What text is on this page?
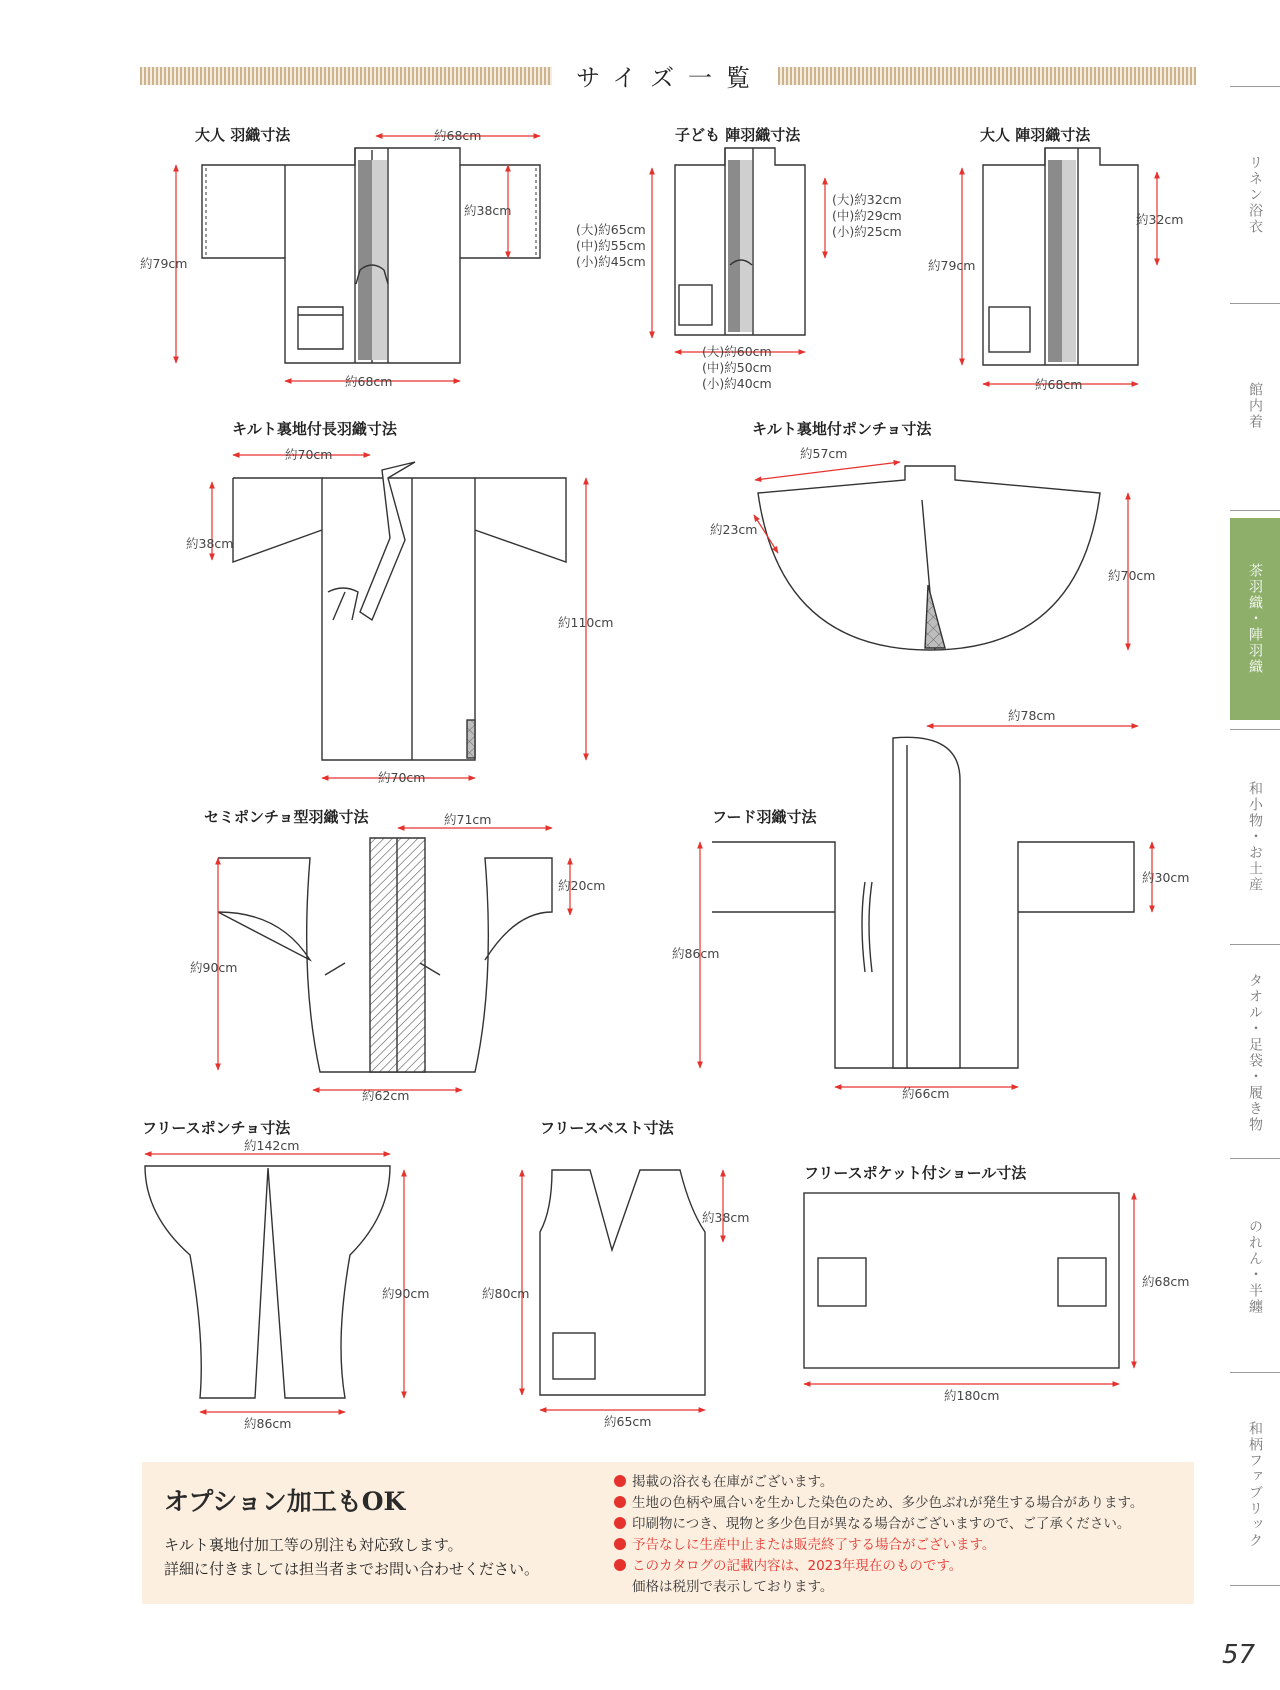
サイズ一覧
大人 羽織寸法	子ども 陣羽織寸法	大人 陣羽織寸法
キルト裏地付長羽織寸法	キルト裏地付ポンチョ寸法
セミポンチョ型羽織寸法	フード羽織寸法
フリースポンチョ寸法	フリースベスト寸法
フリースポケット付ショール寸法
約68cm
約38cm
約79cm
約68cm
(大)約32cm
(中)約29cm
(小)約25cm
(大)約65cm
(中)約55cm
(小)約45cm
(大)約60cm
(中)約50cm
(小)約40cm
約32cm
約79cm
約68cm
約70cm
約38cm
約110cm
約70cm
約57cm
約23cm
約70cm
約71cm
約20cm
約90cm
約62cm
約78cm
約30cm
約86cm
約66cm
約142cm
約90cm
約86cm
約38cm
約80cm
約65cm
約68cm
約180cm
オプション加工もOK
キルト裏地付加工等の別注も対応致します。
詳細に付きましては担当者までお問い合わせください。
掲載の浴衣も在庫がございます。
生地の色柄や風合いを生かした染色のため、多少色ぶれが発生する場合があります。
印刷物につき、現物と多少色目が異なる場合がございますので、ご了承ください。
予告なしに生産中止または販売終了する場合がございます。
このカタログの記載内容は、2023年現在のものです。
価格は税別で表示しております。
リネン浴衣
館内着
茶羽織・陣羽織
和小物・お土産
タオル・足袋・履き物
のれん・半纏
和柄ファブリック
57
